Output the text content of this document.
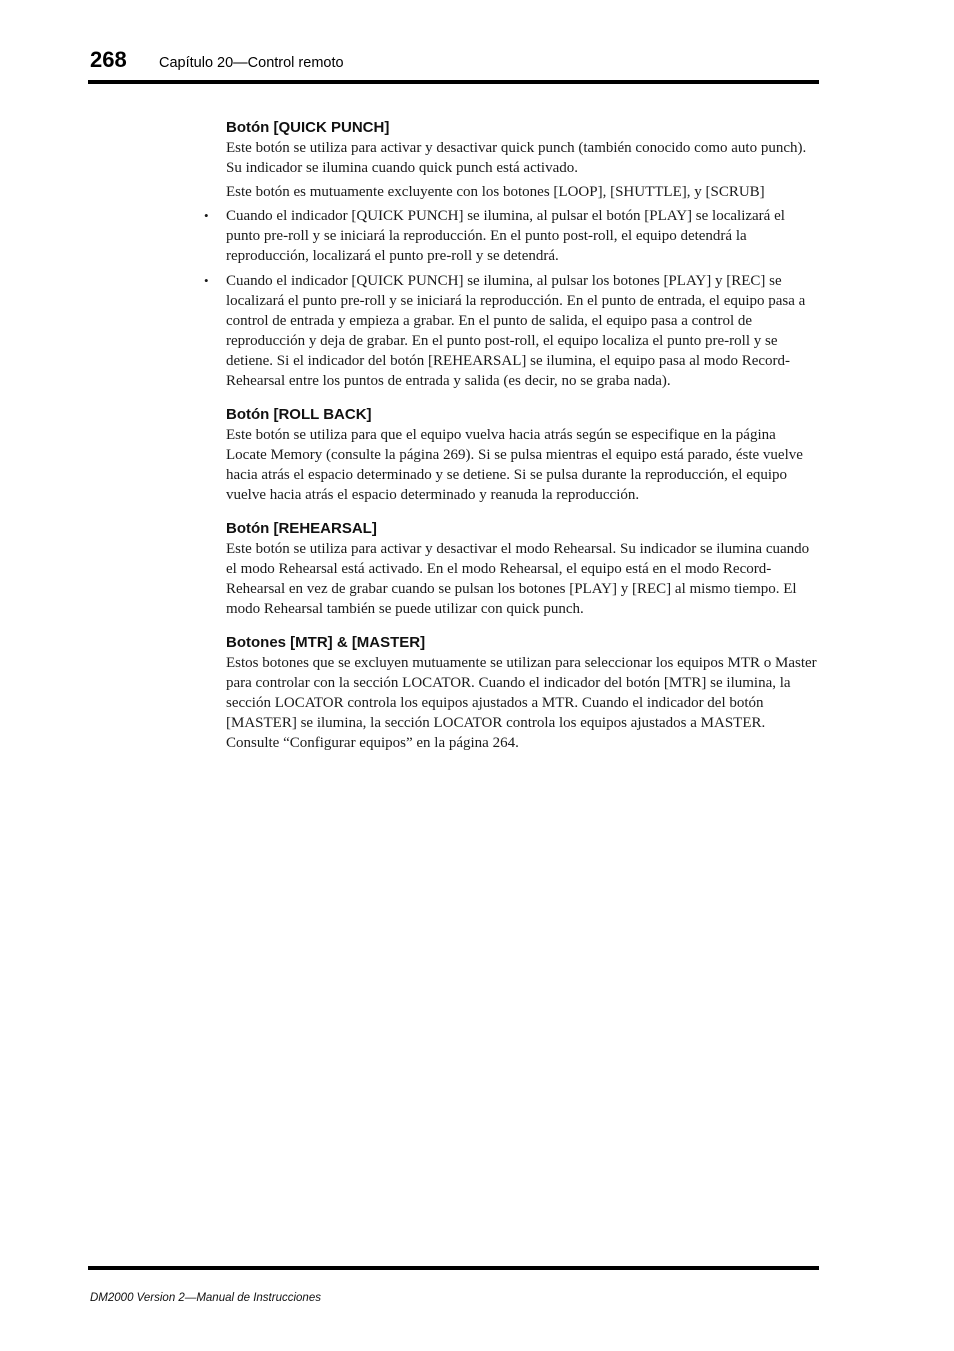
268 Capítulo 20—Control remoto
Botón [QUICK PUNCH]

Este botón se utiliza para activar y desactivar quick punch (también conocido como auto punch). Su indicador se ilumina cuando quick punch está activado.

Este botón es mutuamente excluyente con los botones [LOOP], [SHUTTLE], y [SCRUB]

• Cuando el indicador [QUICK PUNCH] se ilumina, al pulsar el botón [PLAY] se localizará el punto pre-roll y se iniciará la reproducción. En el punto post-roll, el equipo detendrá la reproducción, localizará el punto pre-roll y se detendrá.
• Cuando el indicador [QUICK PUNCH] se ilumina, al pulsar los botones [PLAY] y [REC] se localizará el punto pre-roll y se iniciará la reproducción. En el punto de entrada, el equipo pasa a control de entrada y empieza a grabar. En el punto de salida, el equipo pasa a control de reproducción y deja de grabar. En el punto post-roll, el equipo localiza el punto pre-roll y se detiene. Si el indicador del botón [REHEARSAL] se ilumina, el equipo pasa al modo Record-Rehearsal entre los puntos de entrada y salida (es decir, no se graba nada).
Botón [ROLL BACK]

Este botón se utiliza para que el equipo vuelva hacia atrás según se especifique en la página Locate Memory (consulte la página 269). Si se pulsa mientras el equipo está parado, éste vuelve hacia atrás el espacio determinado y se detiene. Si se pulsa durante la reproducción, el equipo vuelve hacia atrás el espacio determinado y reanuda la reproducción.

Botón [REHEARSAL]

Este botón se utiliza para activar y desactivar el modo Rehearsal. Su indicador se ilumina cuando el modo Rehearsal está activado. En el modo Rehearsal, el equipo está en el modo Record-Rehearsal en vez de grabar cuando se pulsan los botones [PLAY] y [REC] al mismo tiempo. El modo Rehearsal también se puede utilizar con quick punch.

Botones [MTR] & [MASTER]

Estos botones que se excluyen mutuamente se utilizan para seleccionar los equipos MTR o Master para controlar con la sección LOCATOR. Cuando el indicador del botón [MTR] se ilumina, la sección LOCATOR controla los equipos ajustados a MTR. Cuando el indicador del botón [MASTER] se ilumina, la sección LOCATOR controla los equipos ajustados a MASTER. Consulte “Configurar equipos” en la página 264.

DM2000 Version 2—Manual de Instrucciones
